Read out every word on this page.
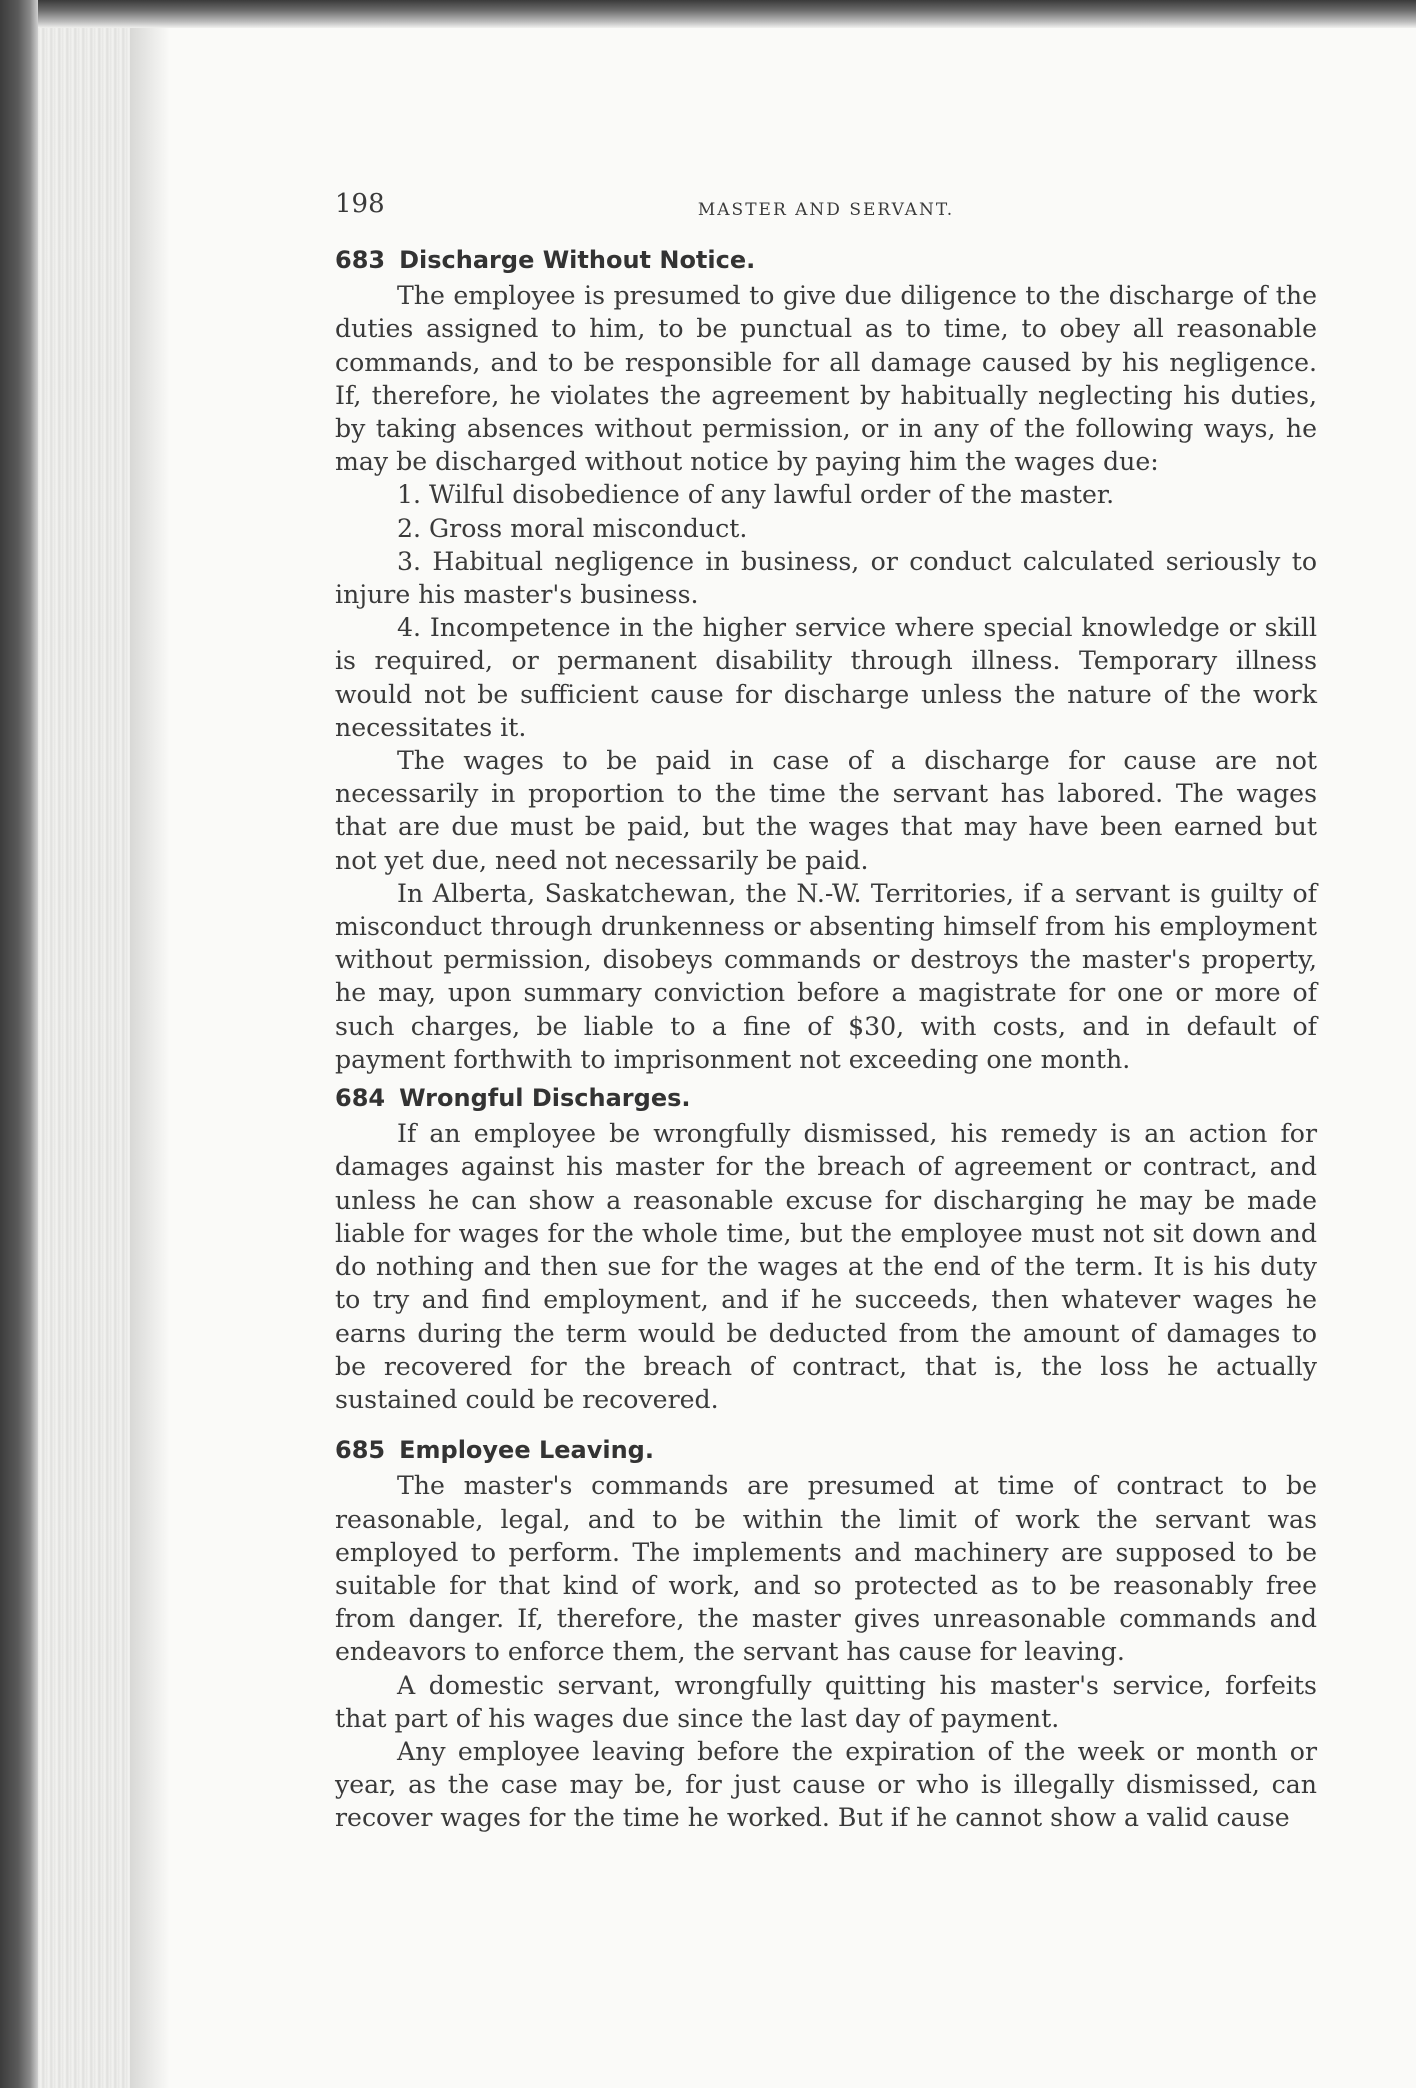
198	MASTER AND SERVANT.
683 Discharge Without Notice.

The employee is presumed to give due diligence to the discharge of the duties assigned to him, to be punctual as to time, to obey all reasonable commands, and to be responsible for all damage caused by his negligence. If, therefore, he violates the agreement by habitually neglecting his duties, by taking absences without permission, or in any of the following ways, he may be discharged without notice by paying him the wages due:

1. Wilful disobedience of any lawful order of the master.

2. Gross moral misconduct.

3. Habitual negligence in business, or conduct calculated seriously to injure his master's business.

4. Incompetence in the higher service where special knowledge or skill is required, or permanent disability through illness. Temporary illness would not be sufficient cause for discharge unless the nature of the work necessitates it.

The wages to be paid in case of a discharge for cause are not necessarily in proportion to the time the servant has labored. The wages that are due must be paid, but the wages that may have been earned but not yet due, need not necessarily be paid.

In Alberta, Saskatchewan, the N.-W. Territories, if a servant is guilty of misconduct through drunkenness or absenting himself from his employment without permission, disobeys commands or destroys the master's property, he may, upon summary conviction before a magistrate for one or more of such charges, be liable to a fine of $30, with costs, and in default of payment forthwith to imprisonment not exceeding one month.

684 Wrongful Discharges.

If an employee be wrongfully dismissed, his remedy is an action for damages against his master for the breach of agreement or contract, and unless he can show a reasonable excuse for discharging he may be made liable for wages for the whole time, but the employee must not sit down and do nothing and then sue for the wages at the end of the term. It is his duty to try and find employment, and if he succeeds, then whatever wages he earns during the term would be deducted from the amount of damages to be recovered for the breach of contract, that is, the loss he actually sustained could be recovered.

685 Employee Leaving.

The master's commands are presumed at time of contract to be reasonable, legal, and to be within the limit of work the servant was employed to perform. The implements and machinery are supposed to be suitable for that kind of work, and so protected as to be reasonably free from danger. If, therefore, the master gives unreasonable commands and endeavors to enforce them, the servant has cause for leaving.

A domestic servant, wrongfully quitting his master's service, forfeits that part of his wages due since the last day of payment.

Any employee leaving before the expiration of the week or month or year, as the case may be, for just cause or who is illegally dismissed, can recover wages for the time he worked. But if he cannot show a valid cause
